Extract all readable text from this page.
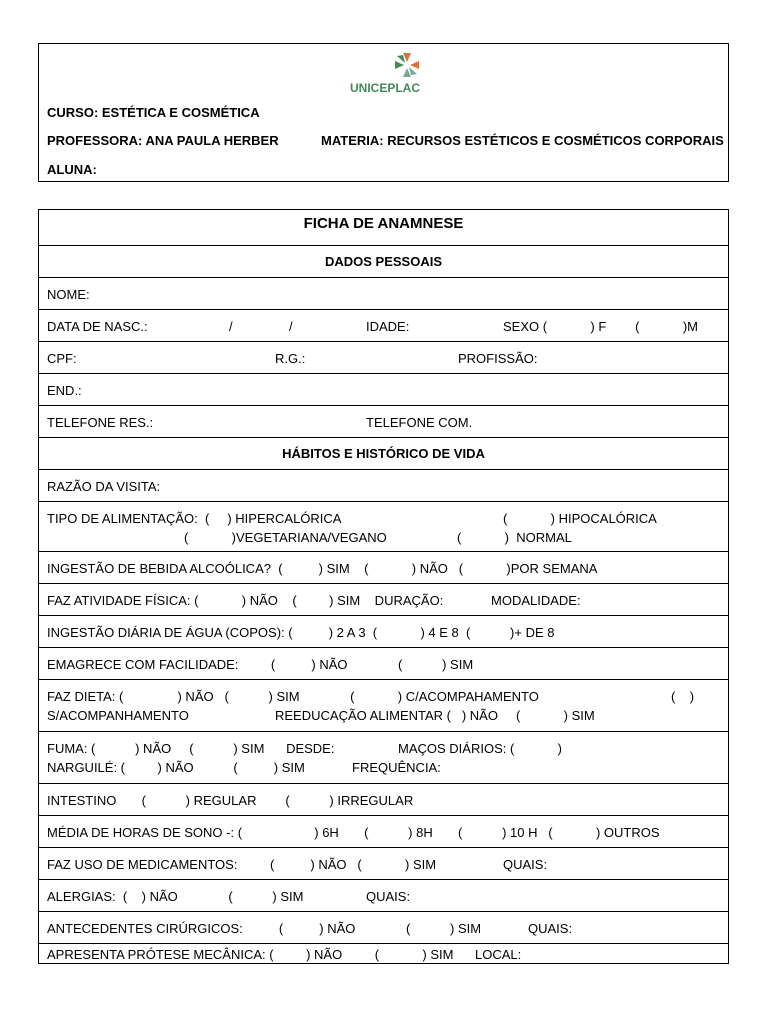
UNICEPLAC
CURSO: ESTÉTICA E COSMÉTICA
PROFESSORA: ANA PAULA HERBER	MATERIA: RECURSOS ESTÉTICOS E COSMÉTICOS CORPORAIS
ALUNA:
FICHA DE ANAMNESE
DADOS PESSOAIS
NOME:
DATA DE NASC.:	/	/	IDADE:	SEXO (            ) F        (            )M
CPF:	R.G.:	PROFISSÃO:
END.:
TELEFONE RES.:	TELEFONE COM.
HÁBITOS E HISTÓRICO DE VIDA
RAZÃO DA VISITA:
TIPO DE ALIMENTAÇÃO:  (     ) HIPERCALÓRICA	(            ) HIPOCALÓRICA
(            )VEGETARIANA/VEGANO	(            )  NORMAL
INGESTÃO DE BEBIDA ALCOÓLICA?  (          ) SIM    (            ) NÃO   (            )POR SEMANA
FAZ ATIVIDADE FÍSICA: (            ) NÃO    (         ) SIM    DURAÇÃO:	MODALIDADE:
INGESTÃO DIÁRIA DE ÁGUA (COPOS): (          ) 2 A 3  (            ) 4 E 8  (           )+ DE 8
EMAGRECE COM FACILIDADE:         (          ) NÃO              (           ) SIM
FAZ DIETA: (               ) NÃO   (           ) SIM              (            ) C/ACOMPAHAMENTO	(    )
S/ACOMPANHAMENTO	REEDUCAÇÃO ALIMENTAR (   ) NÃO     (            ) SIM
FUMA: (           ) NÃO     (           ) SIM      DESDE:	MAÇOS DIÁRIOS: (            )
NARGUILÉ: (         ) NÃO           (          ) SIM	FREQUÊNCIA:
INTESTINO       (           ) REGULAR        (           ) IRREGULAR
MÉDIA DE HORAS DE SONO -: (                    ) 6H       (           ) 8H       (           ) 10 H   (            ) OUTROS
FAZ USO DE MEDICAMENTOS:         (          ) NÃO   (            ) SIM	QUAIS:
ALERGIAS:  (    ) NÃO              (           ) SIM	QUAIS:
ANTECEDENTES CIRÚRGICOS:          (          ) NÃO              (           ) SIM	QUAIS:
APRESENTA PRÓTESE MECÂNICA: (         ) NÃO         (            ) SIM LOCAL:
